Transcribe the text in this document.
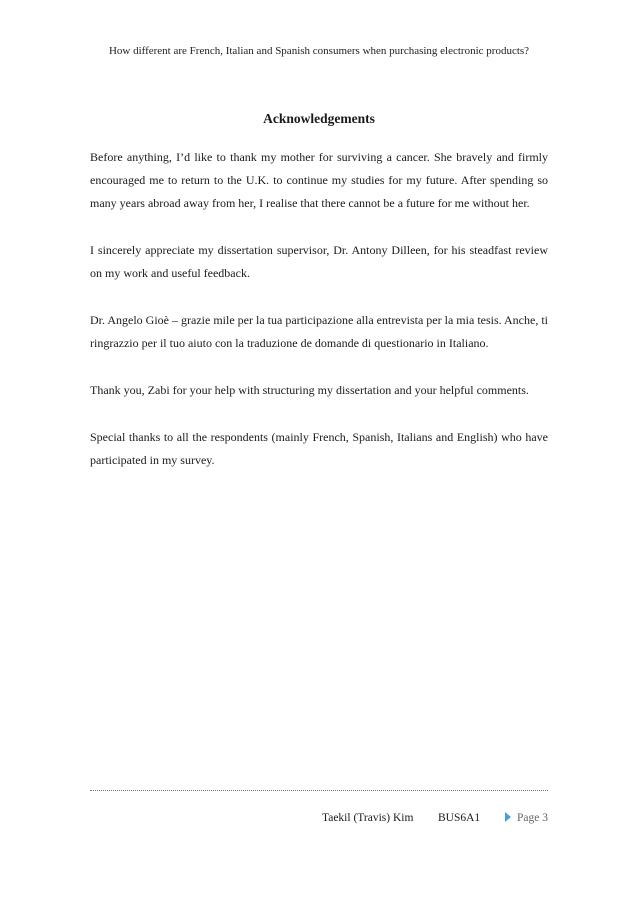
How different are French, Italian and Spanish consumers when purchasing electronic products?
Acknowledgements

Before anything, I’d like to thank my mother for surviving a cancer. She bravely and firmly encouraged me to return to the U.K. to continue my studies for my future. After spending so many years abroad away from her, I realise that there cannot be a future for me without her.

I sincerely appreciate my dissertation supervisor, Dr. Antony Dilleen, for his steadfast review on my work and useful feedback.

Dr. Angelo Gioè – grazie mile per la tua participazione alla entrevista per la mia tesis. Anche, ti ringrazzio per il tuo aiuto con la traduzione de domande di questionario in Italiano.

Thank you, Zabi for your help with structuring my dissertation and your helpful comments.

Special thanks to all the respondents (mainly French, Spanish, Italians and English) who have participated in my survey.

Taekil (Travis) Kim BUS6A1	Page 3
